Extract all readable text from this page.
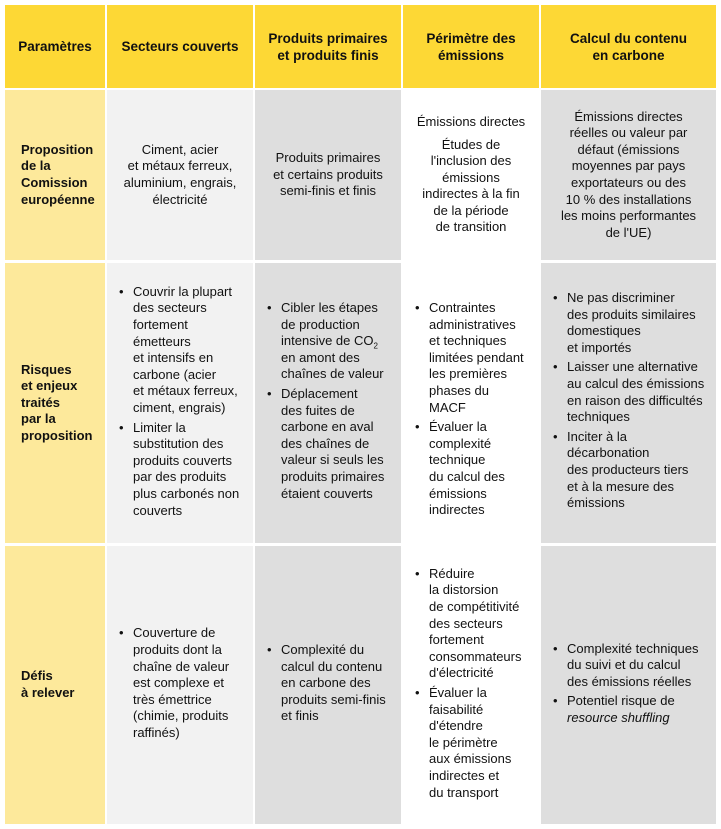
Paramètres	Secteurs couverts
Produits primaires
et produits finis
Périmètre des
émissions
Calcul du contenu
en carbone
Proposition
de la
Comission
européenne
Ciment, acier
et métaux ferreux,
aluminium, engrais,
électricité
Produits primaires
et certains produits
semi-finis et finis

Émissions directes

Études de
l'inclusion des
émissions
indirectes à la fin
de la période
de transition

Émissions directes
réelles ou valeur par
défaut (émissions
moyennes par pays
exportateurs ou des
10 % des installations
les moins performantes
de l'UE)
Risques
et enjeux
traités
par la
proposition
• Couvrir la plupart
des secteurs
fortement
émetteurs
et intensifs en
carbone (acier
et métaux ferreux,
ciment, engrais)
• Limiter la
substitution des
produits couverts
par des produits
plus carbonés non
couverts
• Cibler les étapes
de production
intensive de $CO_2$
en amont des
chaînes de valeur
• Déplacement
des fuites de
carbone en aval
des chaînes de
valeur si seuls les
produits primaires
étaient couverts
• Contraintes
administratives
et techniques
limitées pendant
les premières
phases du MACF
• Évaluer la
complexité
technique
du calcul des
émissions
indirectes
• Ne pas discriminer
des produits similaires
domestiques
et importés
• Laisser une alternative
au calcul des émissions
en raison des difficultés
techniques
• Inciter à la
décarbonation
des producteurs tiers
et à la mesure des
émissions
Défis
à relever
• Couverture de
produits dont la
chaîne de valeur
est complexe et
très émettrice
(chimie, produits
raffinés)
• Complexité du
calcul du contenu
en carbone des
produits semi-finis
et finis
• Réduire
la distorsion
de compétitivité
des secteurs
fortement
consommateurs
d'électricité
• Évaluer la
faisabilité
d'étendre
le périmètre
aux émissions
indirectes et
du transport
• Complexité techniques
du suivi et du calcul
des émissions réelles
• Potentiel risque de
resource shuffling
